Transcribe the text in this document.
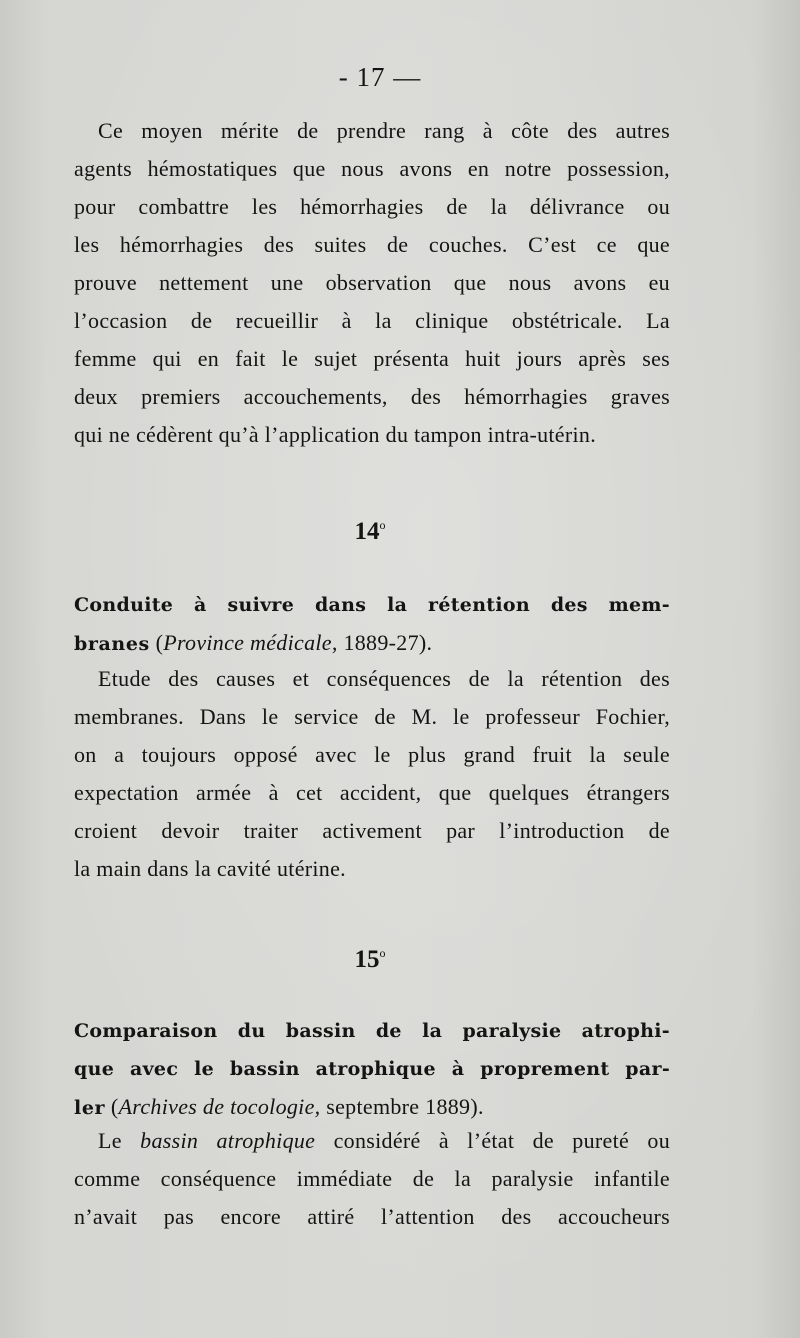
- 17 —
Ce moyen mérite de prendre rang à côte des autres
agents hémostatiques que nous avons en notre possession,
pour combattre les hémorrhagies de la délivrance ou
les hémorrhagies des suites de couches. C’est ce que
prouve nettement une observation que nous avons eu
l’occasion de recueillir à la clinique obstétricale. La
femme qui en fait le sujet présenta huit jours après ses
deux premiers accouchements, des hémorrhagies graves
qui ne cédèrent qu’à l’application du tampon intra-utérin.
14$^o$
Conduite à suivre dans la rétention des mem-
branes (Province médicale, 1889-27).
Etude des causes et conséquences de la rétention des
membranes. Dans le service de M. le professeur Fochier,
on a toujours opposé avec le plus grand fruit la seule
expectation armée à cet accident, que quelques étrangers
croient devoir traiter activement par l’introduction de
la main dans la cavité utérine.
15$^o$
Comparaison du bassin de la paralysie atrophi-
que avec le bassin atrophique à proprement par-
ler (Archives de tocologie, septembre 1889).
Le bassin atrophique considéré à l’état de pureté ou
comme conséquence immédiate de la paralysie infantile
n’avait pas encore attiré l’attention des accoucheurs
